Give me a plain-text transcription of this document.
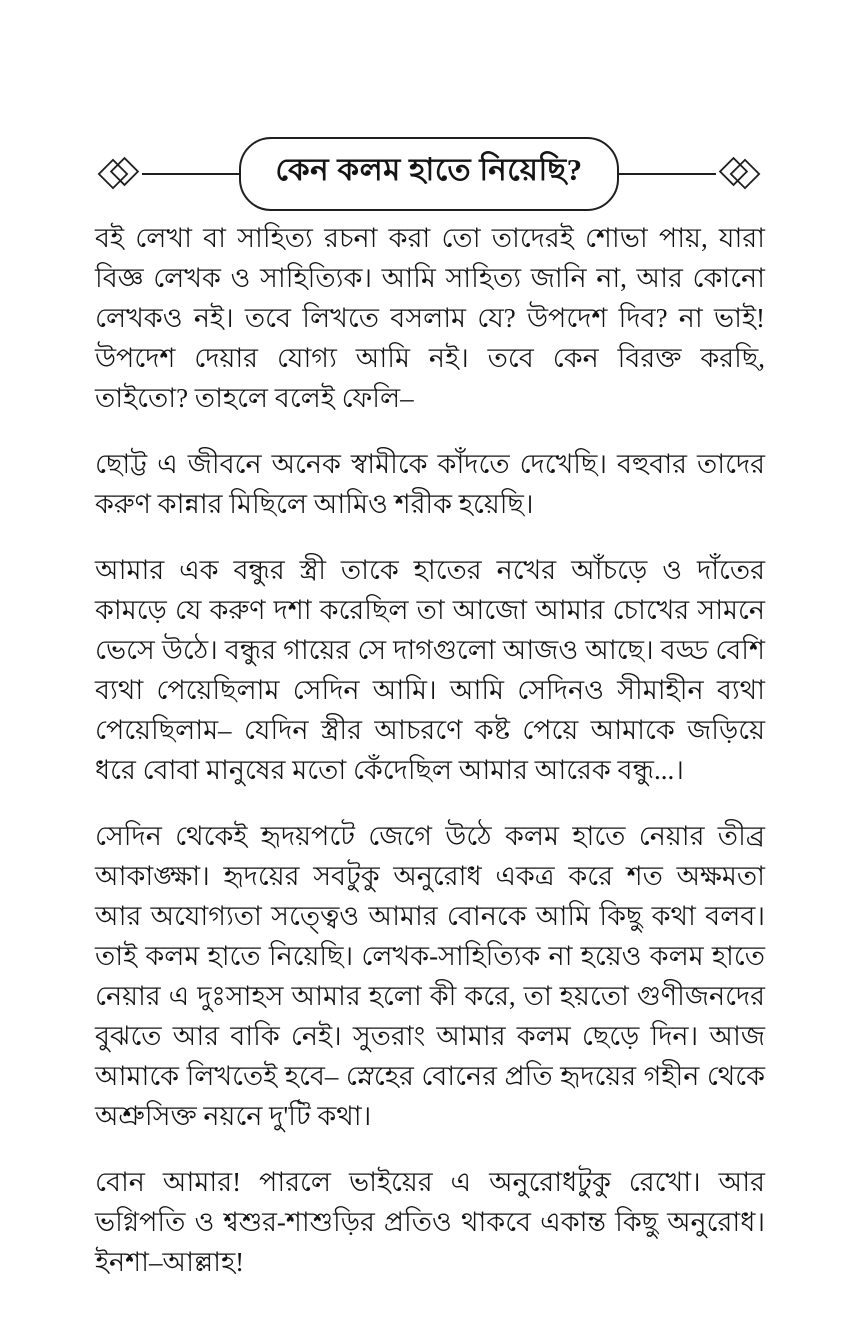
কেন কলম হাতে নিয়েছি?

বই লেখা বা সাহিত্য রচনা করা তো তাদেরই শোভা পায়, যারা বিজ্ঞ লেখক ও সাহিত্যিক। আমি সাহিত্য জানি না, আর কোনো লেখকও নই। তবে লিখতে বসলাম যে? উপদেশ দিব? না ভাই! উপদেশ দেয়ার যোগ্য আমি নই। তবে কেন বিরক্ত করছি, তাইতো? তাহলে বলেই ফেলি–

ছোট্ট এ জীবনে অনেক স্বামীকে কাঁদতে দেখেছি। বহুবার তাদের করুণ কান্নার মিছিলে আমিও শরীক হয়েছি।

আমার এক বন্ধুর স্ত্রী তাকে হাতের নখের আঁচড়ে ও দাঁতের কামড়ে যে করুণ দশা করেছিল তা আজো আমার চোখের সামনে ভেসে উঠে। বন্ধুর গায়ের সে দাগগুলো আজও আছে। বড্ড বেশি ব্যথা পেয়েছিলাম সেদিন আমি। আমি সেদিনও সীমাহীন ব্যথা পেয়েছিলাম– যেদিন স্ত্রীর আচরণে কষ্ট পেয়ে আমাকে জড়িয়ে ধরে বোবা মানুষের মতো কেঁদেছিল আমার আরেক বন্ধু...।

সেদিন থেকেই হৃদয়পটে জেগে উঠে কলম হাতে নেয়ার তীব্র আকাঙ্ক্ষা। হৃদয়ের সবটুকু অনুরোধ একত্র করে শত অক্ষমতা আর অযোগ্যতা সত্ত্বেও আমার বোনকে আমি কিছু কথা বলব। তাই কলম হাতে নিয়েছি। লেখক-সাহিত্যিক না হয়েও কলম হাতে নেয়ার এ দুঃসাহস আমার হলো কী করে, তা হয়তো গুণীজনদের বুঝতে আর বাকি নেই। সুতরাং আমার কলম ছেড়ে দিন। আজ আমাকে লিখতেই হবে– স্নেহের বোনের প্রতি হৃদয়ের গহীন থেকে অশ্রুসিক্ত নয়নে দু'টি কথা।

বোন আমার! পারলে ভাইয়ের এ অনুরোধটুকু রেখো। আর ভগ্নিপতি ও শ্বশুর-শাশুড়ির প্রতিও থাকবে একান্ত কিছু অনুরোধ। ইনশা–আল্লাহ!
